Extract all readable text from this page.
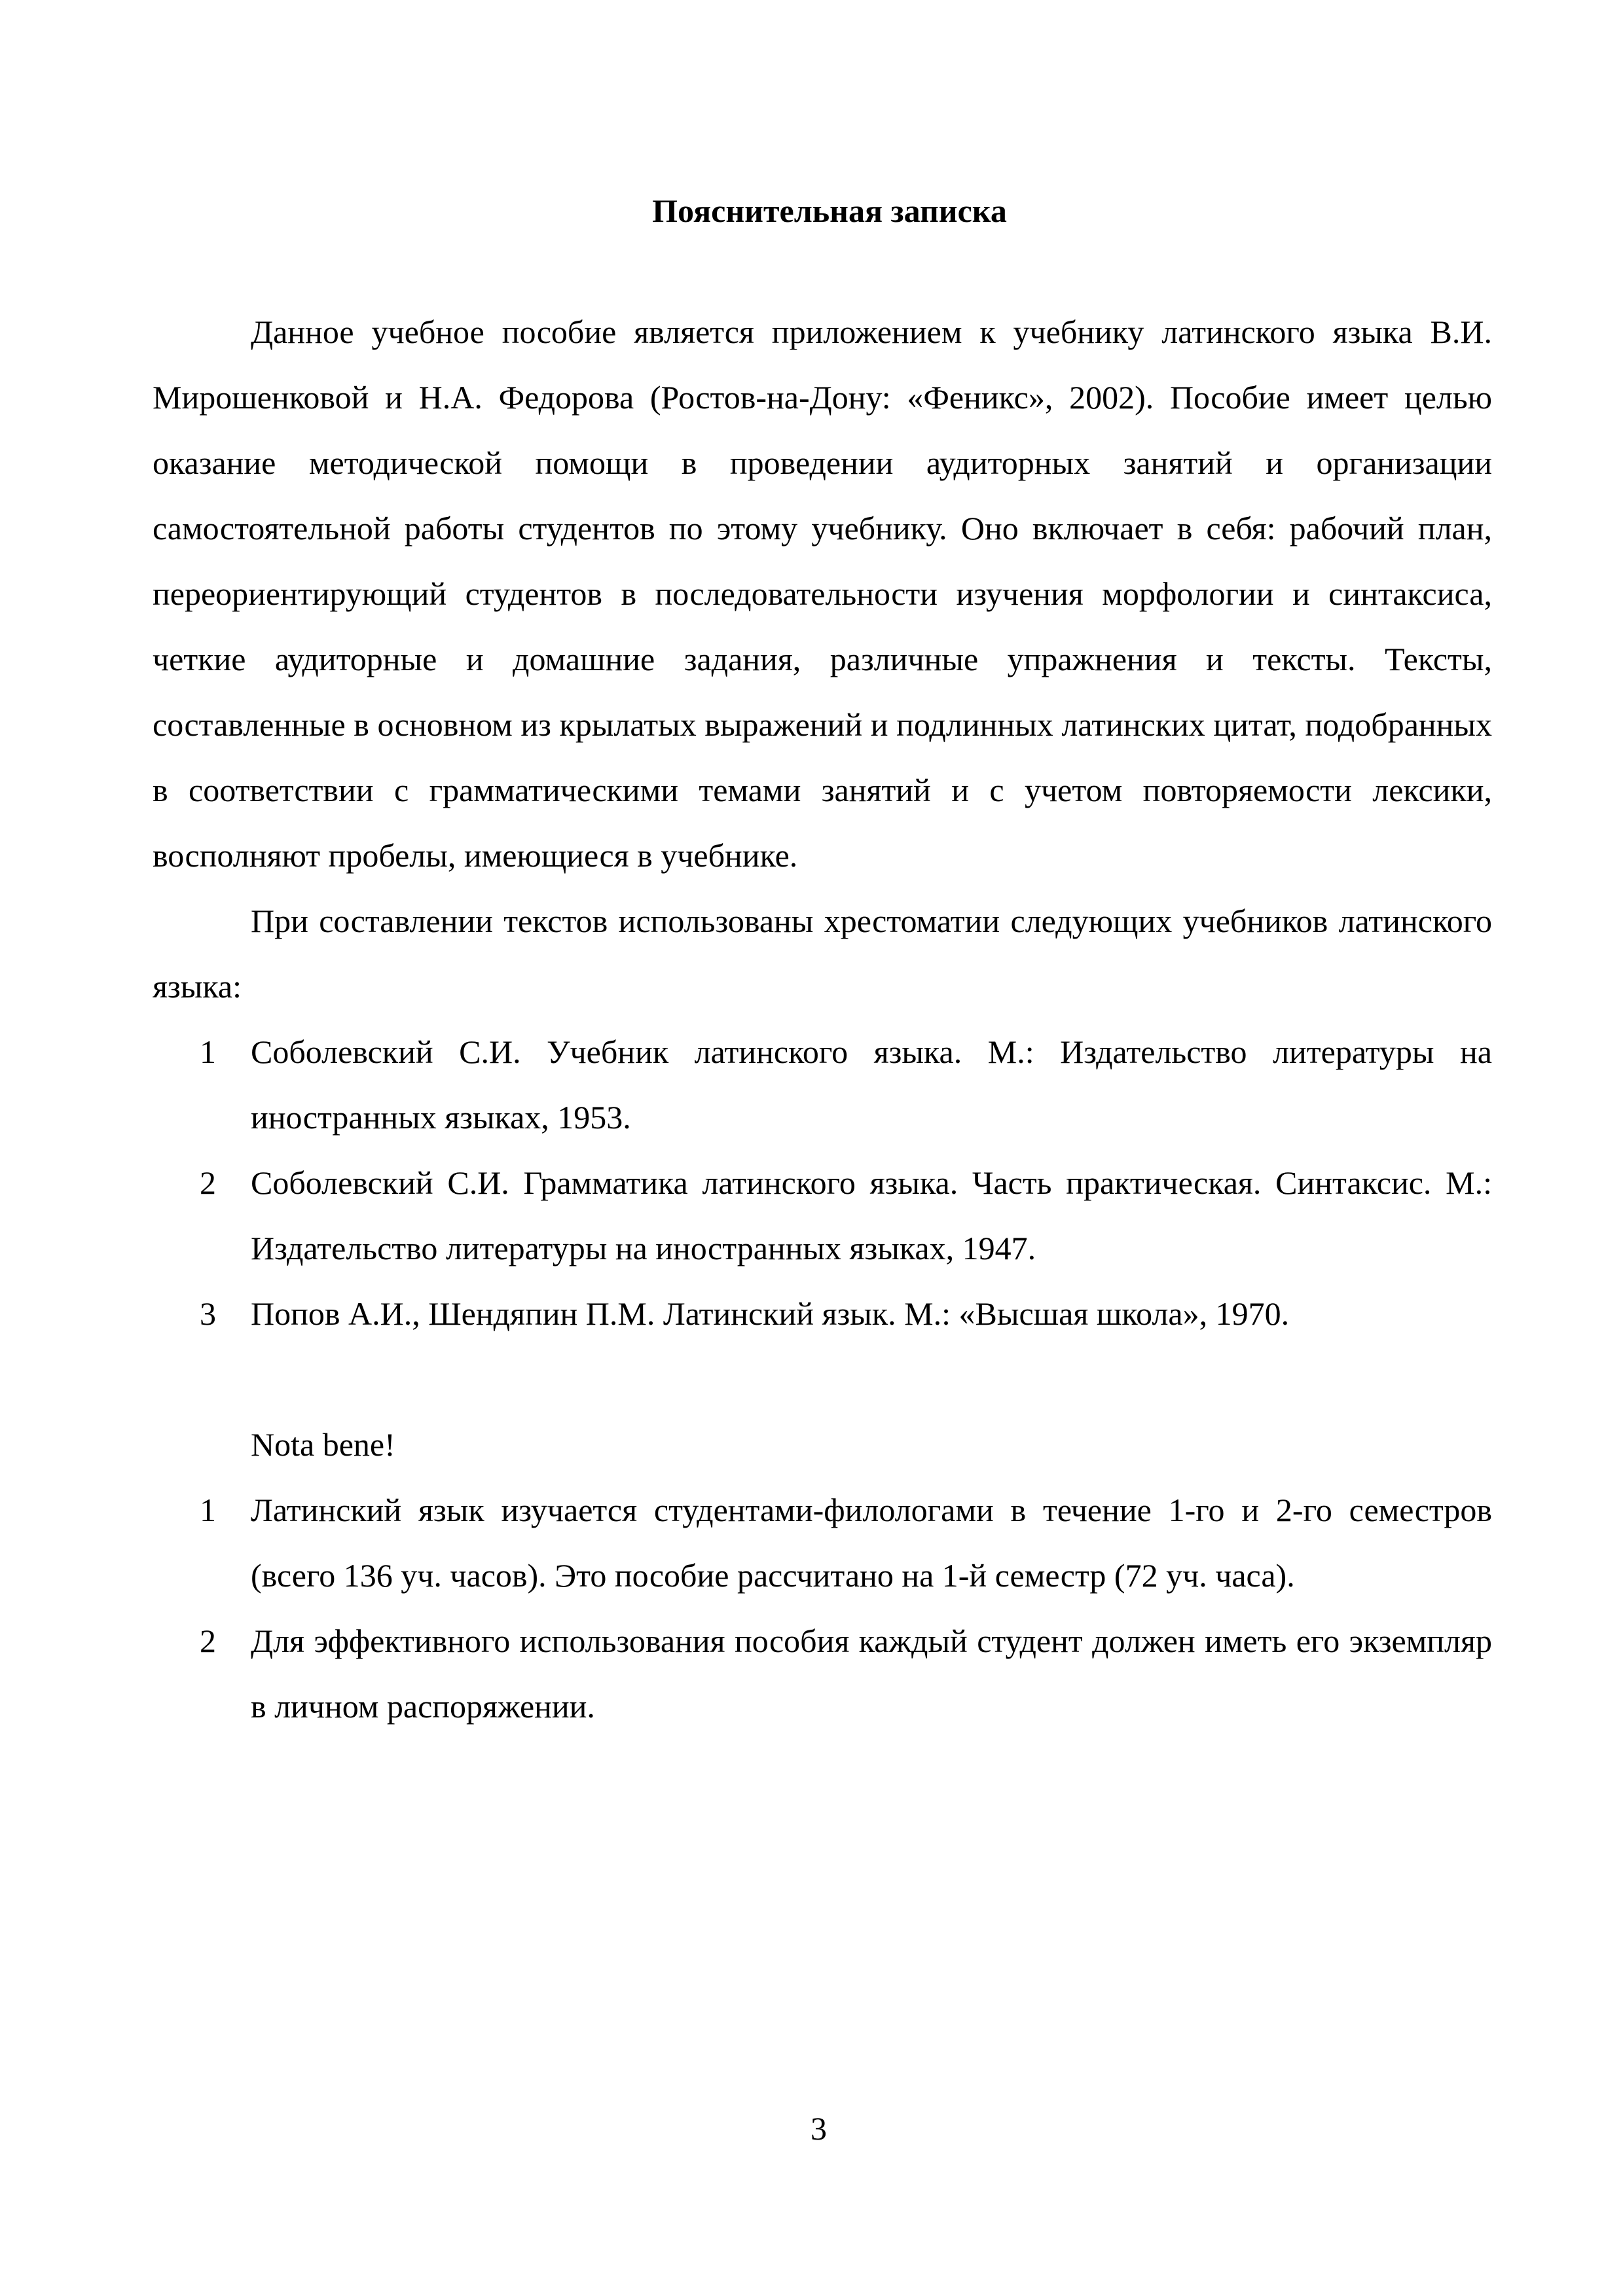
Пояснительная записка

Данное учебное пособие является приложением к учебнику латинского языка В.И. Мирошенковой и Н.А. Федорова (Ростов-на-Дону: «Феникс», 2002). Пособие имеет целью оказание методической помощи в проведении аудиторных занятий и организации самостоятельной работы студентов по этому учебнику. Оно включает в себя: рабочий план, переориентирующий студентов в последовательности изучения морфологии и синтаксиса, четкие аудиторные и домашние задания, различные упражнения и тексты. Тексты, составленные в основном из крылатых выражений и подлинных латинских цитат, подобранных в соответствии с грамматическими темами занятий и с учетом повторяемости лексики, восполняют пробелы, имеющиеся в учебнике.

При составлении текстов использованы хрестоматии следующих учебников латинского языка:

1 Соболевский С.И. Учебник латинского языка. М.: Издательство литературы на иностранных языках, 1953.
2 Соболевский С.И. Грамматика латинского языка. Часть практическая. Синтаксис. М.: Издательство литературы на иностранных языках, 1947.
3 Попов А.И., Шендяпин П.М. Латинский язык. М.: «Высшая школа», 1970.

Nota bene!

1 Латинский язык изучается студентами-филологами в течение 1-го и 2-го семестров (всего 136 уч. часов). Это пособие рассчитано на 1-й семестр (72 уч. часа).
2 Для эффективного использования пособия каждый студент должен иметь его экземпляр в личном распоряжении.
3
